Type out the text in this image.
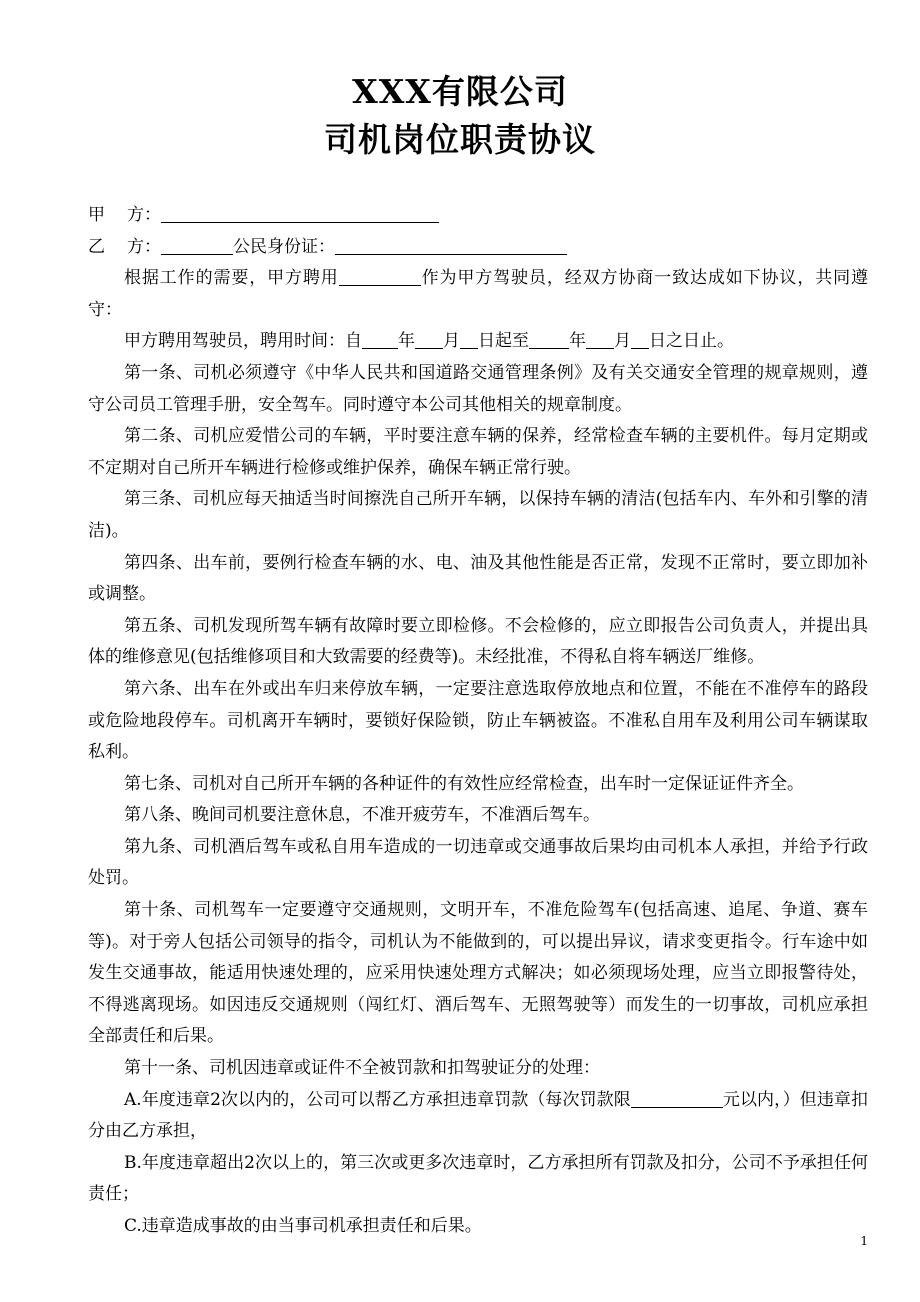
XXX有限公司
司机岗位职责协议

甲 方：

乙 方：	公民身份证：

根据工作的需要，甲方聘用	作为甲方驾驶员，经双方协商一致达成如下协议，共同遵守：

甲方聘用驾驶员，聘用时间：自 年 月 日起至 年 月 日之日止。

第一条、司机必须遵守《中华人民共和国道路交通管理条例》及有关交通安全管理的规章规则，遵守公司员工管理手册，安全驾车。同时遵守本公司其他相关的规章制度。

第二条、司机应爱惜公司的车辆，平时要注意车辆的保养，经常检查车辆的主要机件。每月定期或不定期对自己所开车辆进行检修或维护保养，确保车辆正常行驶。

第三条、司机应每天抽适当时间擦洗自己所开车辆，以保持车辆的清洁(包括车内、车外和引擎的清洁)。

第四条、出车前，要例行检查车辆的水、电、油及其他性能是否正常，发现不正常时，要立即加补或调整。

第五条、司机发现所驾车辆有故障时要立即检修。不会检修的，应立即报告公司负责人，并提出具体的维修意见(包括维修项目和大致需要的经费等)。未经批准，不得私自将车辆送厂维修。

第六条、出车在外或出车归来停放车辆，一定要注意选取停放地点和位置，不能在不准停车的路段或危险地段停车。司机离开车辆时，要锁好保险锁，防止车辆被盗。不准私自用车及利用公司车辆谋取私利。

第七条、司机对自己所开车辆的各种证件的有效性应经常检查，出车时一定保证证件齐全。

第八条、晚间司机要注意休息，不准开疲劳车，不准酒后驾车。

第九条、司机酒后驾车或私自用车造成的一切违章或交通事故后果均由司机本人承担，并给予行政处罚。

第十条、司机驾车一定要遵守交通规则，文明开车，不准危险驾车(包括高速、追尾、争道、赛车等)。对于旁人包括公司领导的指令，司机认为不能做到的，可以提出异议，请求变更指令。行车途中如发生交通事故，能适用快速处理的，应采用快速处理方式解决；如必须现场处理，应当立即报警待处，不得逃离现场。如因违反交通规则（闯红灯、酒后驾车、无照驾驶等）而发生的一切事故，司机应承担全部责任和后果。

第十一条、司机因违章或证件不全被罚款和扣驾驶证分的处理：

A.年度违章2次以内的，公司可以帮乙方承担违章罚款（每次罚款限	元以内，）但违章扣分由乙方承担，

B.年度违章超出2次以上的，第三次或更多次违章时，乙方承担所有罚款及扣分，公司不予承担任何责任；

C.违章造成事故的由当事司机承担责任和后果。

1
